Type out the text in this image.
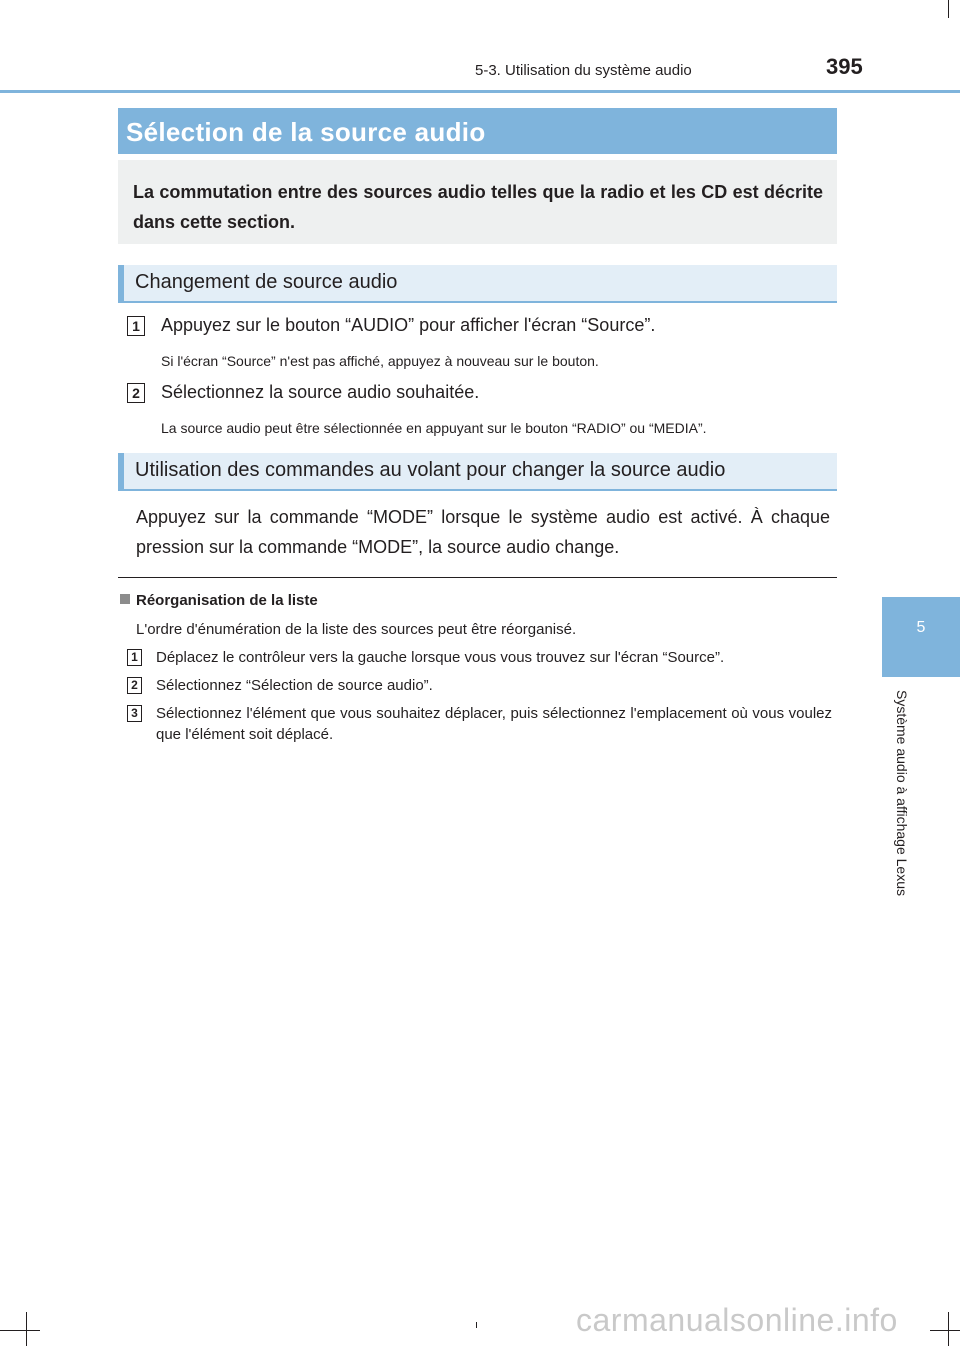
5-3. Utilisation du système audio	395
Sélection de la source audio

La commutation entre des sources audio telles que la radio et les CD est décrite dans cette section.

Changement de source audio
1 Appuyez sur le bouton “AUDIO” pour afficher l'écran “Source”.
Si l'écran “Source” n'est pas affiché, appuyez à nouveau sur le bouton.
2 Sélectionnez la source audio souhaitée.
La source audio peut être sélectionnée en appuyant sur le bouton “RADIO” ou “MEDIA”.
Utilisation des commandes au volant pour changer la source audio

Appuyez sur la commande “MODE” lorsque le système audio est activé. À chaque pression sur la commande “MODE”, la source audio change.

Réorganisation de la liste

L'ordre d'énumération de la liste des sources peut être réorganisé.

1 Déplacez le contrôleur vers la gauche lorsque vous vous trouvez sur l'écran “Source”.

2 Sélectionnez “Sélection de source audio”.

3 Sélectionnez l'élément que vous souhaitez déplacer, puis sélectionnez l'emplacement où vous voulez que l'élément soit déplacé.

5
Système audio à affichage Lexus
carmanualsonline.info
